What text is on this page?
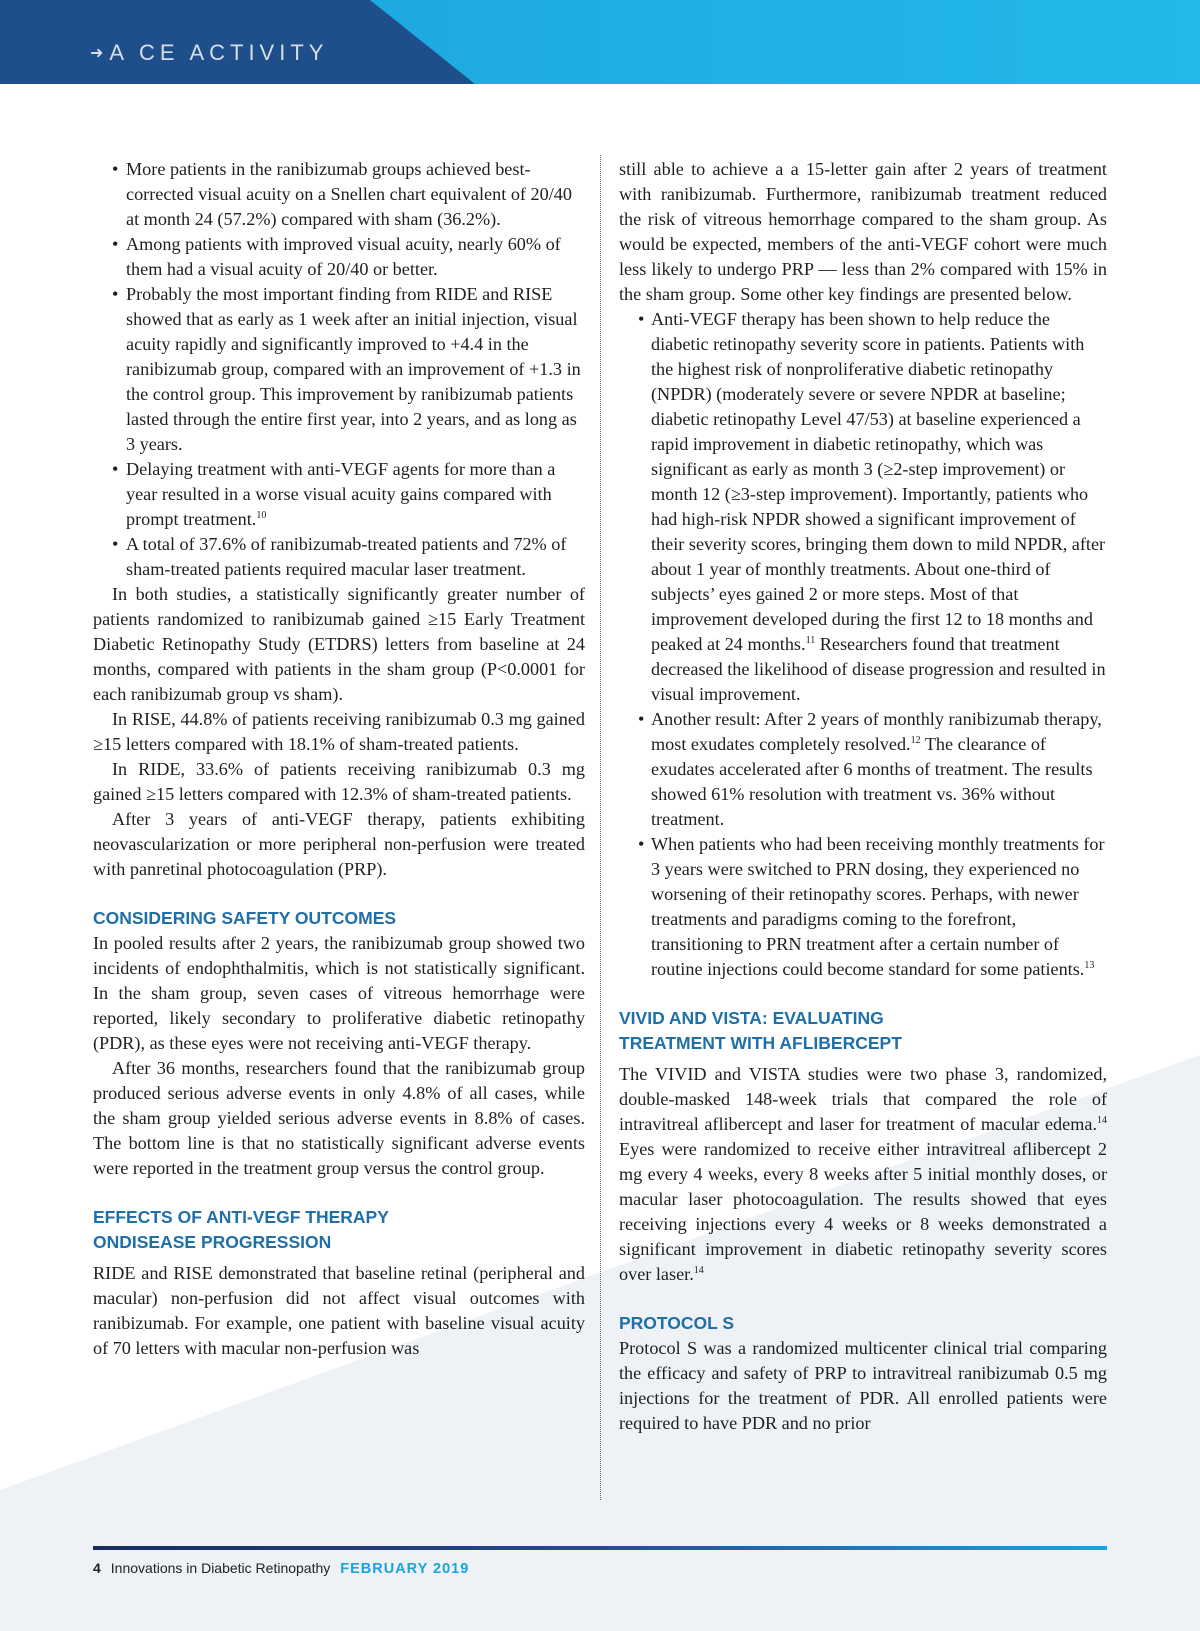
➜ A CE ACTIVITY
• More patients in the ranibizumab groups achieved best-corrected visual acuity on a Snellen chart equivalent of 20/40 at month 24 (57.2%) compared with sham (36.2%).
• Among patients with improved visual acuity, nearly 60% of them had a visual acuity of 20/40 or better.
• Probably the most important finding from RIDE and RISE showed that as early as 1 week after an initial injection, visual acuity rapidly and significantly improved to +4.4 in the ranibizumab group, compared with an improvement of +1.3 in the control group. This improvement by ranibizumab patients lasted through the entire first year, into 2 years, and as long as 3 years.
• Delaying treatment with anti-VEGF agents for more than a year resulted in a worse visual acuity gains compared with prompt treatment.$^{10}$
• A total of 37.6% of ranibizumab-treated patients and 72% of sham-treated patients required macular laser treatment.

In both studies, a statistically significantly greater number of patients randomized to ranibizumab gained ≥15 Early Treatment Diabetic Retinopathy Study (ETDRS) letters from baseline at 24 months, compared with patients in the sham group (P<0.0001 for each ranibizumab group vs sham).

In RISE, 44.8% of patients receiving ranibizumab 0.3 mg gained ≥15 letters compared with 18.1% of sham-treated patients.

In RIDE, 33.6% of patients receiving ranibizumab 0.3 mg gained ≥15 letters compared with 12.3% of sham-treated patients.

After 3 years of anti-VEGF therapy, patients exhibiting neovascularization or more peripheral non-perfusion were treated with panretinal photocoagulation (PRP).

CONSIDERING SAFETY OUTCOMES

In pooled results after 2 years, the ranibizumab group showed two incidents of endophthalmitis, which is not statistically significant. In the sham group, seven cases of vitreous hemorrhage were reported, likely secondary to proliferative diabetic retinopathy (PDR), as these eyes were not receiving anti-VEGF therapy.

After 36 months, researchers found that the ranibizumab group produced serious adverse events in only 4.8% of all cases, while the sham group yielded serious adverse events in 8.8% of cases. The bottom line is that no statistically significant adverse events were reported in the treatment group versus the control group.

EFFECTS OF ANTI-VEGF THERAPY
ONDISEASE PROGRESSION

RIDE and RISE demonstrated that baseline retinal (peripheral and macular) non-perfusion did not affect visual outcomes with ranibizumab. For example, one patient with baseline visual acuity of 70 letters with macular non-perfusion was

still able to achieve a a 15-letter gain after 2 years of treatment with ranibizumab. Furthermore, ranibizumab treatment reduced the risk of vitreous hemorrhage compared to the sham group. As would be expected, members of the anti-VEGF cohort were much less likely to undergo PRP — less than 2% compared with 15% in the sham group. Some other key findings are presented below.

• Anti-VEGF therapy has been shown to help reduce the diabetic retinopathy severity score in patients. Patients with the highest risk of nonproliferative diabetic retinopathy (NPDR) (moderately severe or severe NPDR at baseline; diabetic retinopathy Level 47/53) at baseline experienced a rapid improvement in diabetic retinopathy, which was significant as early as month 3 (≥2-step improvement) or month 12 (≥3-step improvement). Importantly, patients who had high-risk NPDR showed a significant improvement of their severity scores, bringing them down to mild NPDR, after about 1 year of monthly treatments. About one-third of subjects’ eyes gained 2 or more steps. Most of that improvement developed during the first 12 to 18 months and peaked at 24 months.$^{11}$ Researchers found that treatment decreased the likelihood of disease progression and resulted in visual improvement.
• Another result: After 2 years of monthly ranibizumab therapy, most exudates completely resolved.$^{12}$ The clearance of exudates accelerated after 6 months of treatment. The results showed 61% resolution with treatment vs. 36% without treatment.
• When patients who had been receiving monthly treatments for 3 years were switched to PRN dosing, they experienced no worsening of their retinopathy scores. Perhaps, with newer treatments and paradigms coming to the forefront, transitioning to PRN treatment after a certain number of routine injections could become standard for some patients.$^{13}$
VIVID AND VISTA: EVALUATING
TREATMENT WITH AFLIBERCEPT

The VIVID and VISTA studies were two phase 3, randomized, double-masked 148-week trials that compared the role of intravitreal aflibercept and laser for treatment of macular edema.$^{14}$ Eyes were randomized to receive either intravitreal aflibercept 2 mg every 4 weeks, every 8 weeks after 5 initial monthly doses, or macular laser photocoagulation. The results showed that eyes receiving injections every 4 weeks or 8 weeks demonstrated a significant improvement in diabetic retinopathy severity scores over laser.$^{14}$

PROTOCOL S

Protocol S was a randomized multicenter clinical trial comparing the efficacy and safety of PRP to intravitreal ranibizumab 0.5 mg injections for the treatment of PDR. All enrolled patients were required to have PDR and no prior

4 Innovations in Diabetic Retinopathy FEBRUARY 2019
